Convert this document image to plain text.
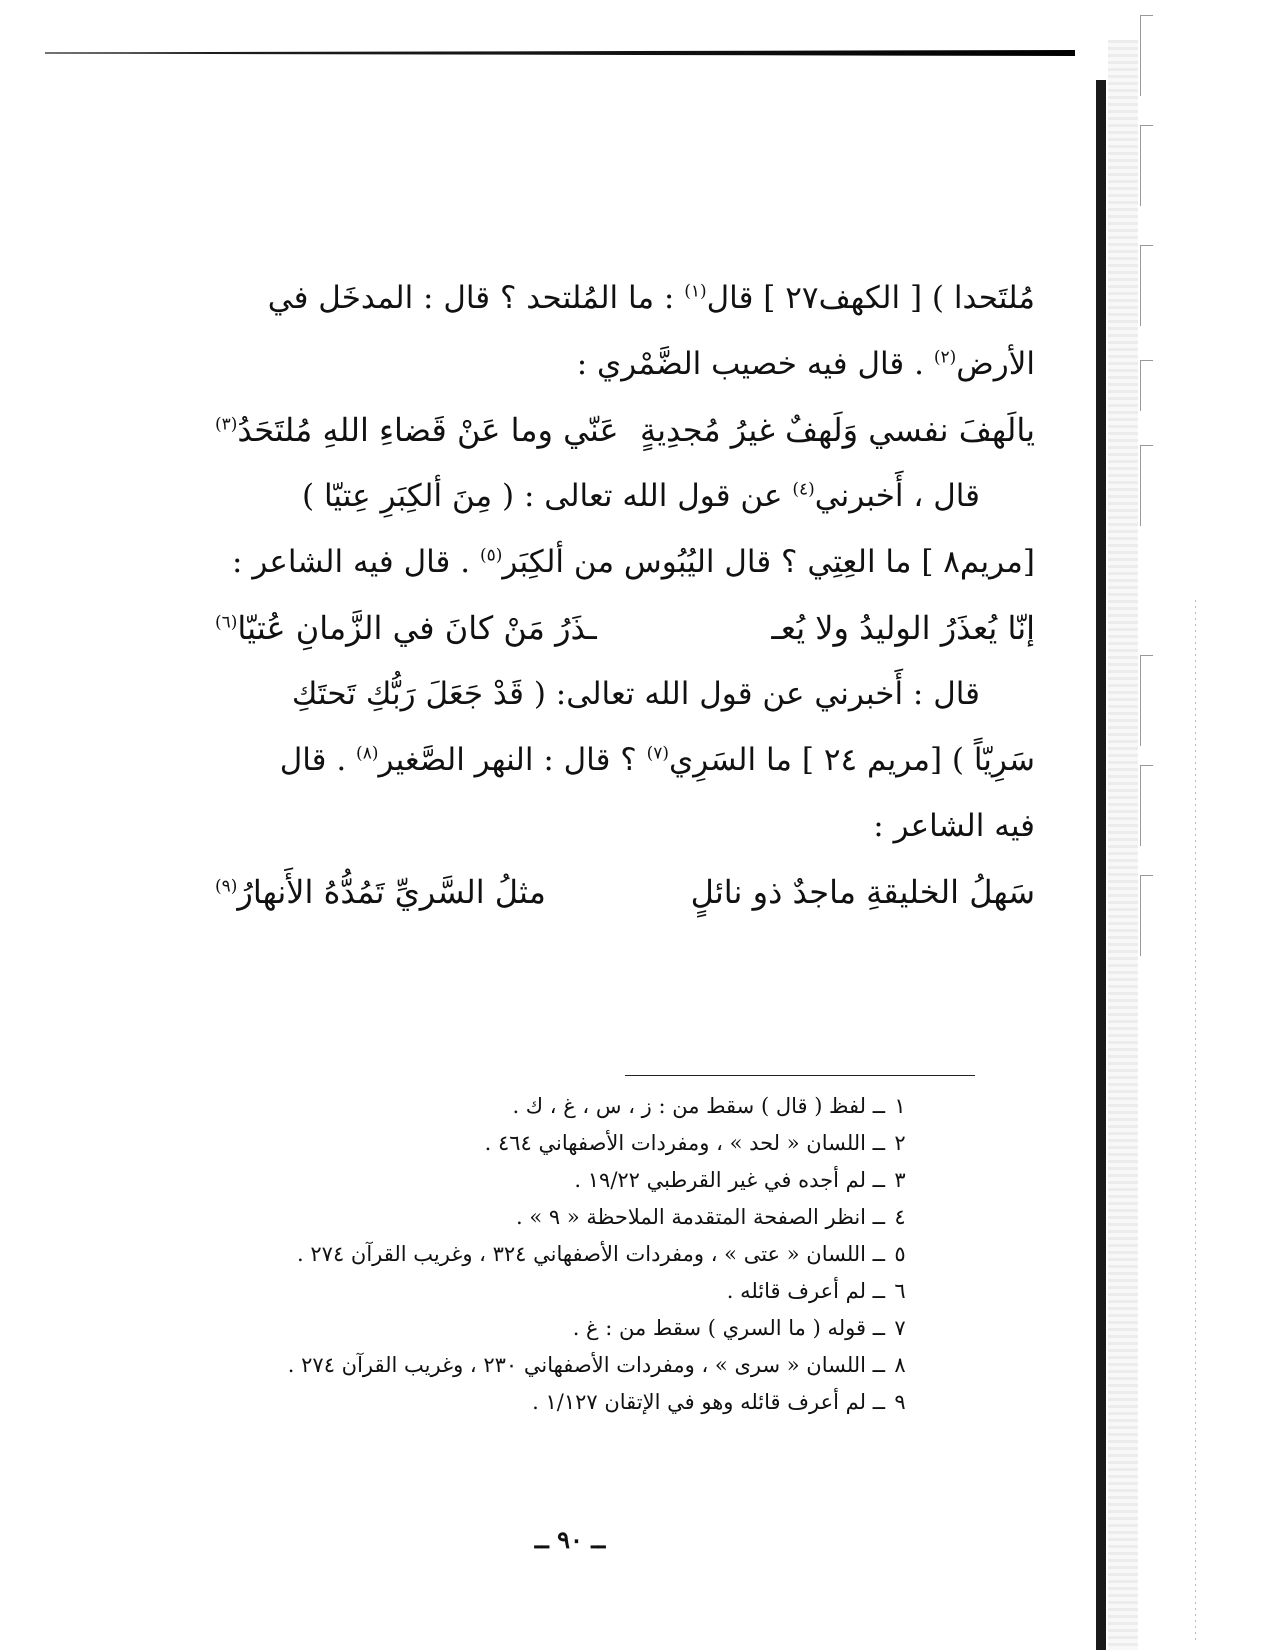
مُلتَحدا ) [ الكهف٢٧ ] قال$^{(١)}$ : ما المُلتحد ؟ قال : المدخَل في
الأرض$^{(٢)}$ . قال فيه خصيب الضَّمْري :
يالَهفَ نفسي وَلَهفٌ غيرُ مُجدِيةٍ
عَنّي وما عَنْ قَضاءِ اللهِ مُلتَحَدُ$^{(٣)}$
قال ، أَخبرني$^{(٤)}$ عن قول الله تعالى : ( مِنَ ألكِبَرِ عِتيّا )
[مريم٨ ] ما العِتِي ؟ قال اليُبُوس من ألكِبَر$^{(٥)}$ . قال فيه الشاعر :
إنّا يُعذَرُ الوليدُ ولا يُعـ
ـذَرُ مَنْ كانَ في الزَّمانِ عُتيّا$^{(٦)}$
قال : أَخبرني عن قول الله تعالى: ( قَدْ جَعَلَ رَبُّكِ تَحتَكِ
سَرِيّاً ) [مريم ٢٤ ] ما السَرِي$^{(٧)}$ ؟ قال : النهر الصَّغير$^{(٨)}$ . قال
فيه الشاعر :
سَهلُ الخليقةِ ماجدٌ ذو نائلٍ
مثلُ السَّريِّ تَمُدُّهُ الأَنهارُ$^{(٩)}$
١ــ لفظ ( قال ) سقط من : ز ، س ، غ ، ك .
٢ــ اللسان « لحد » ، ومفردات الأصفهاني ٤٦٤ .
٣ــ لم أجده في غير القرطبي ١٩/٢٢ .
٤ــ انظر الصفحة المتقدمة الملاحظة « ٩ » .
٥ــ اللسان « عتى » ، ومفردات الأصفهاني ٣٢٤ ، وغريب القرآن ٢٧٤ .
٦ــ لم أعرف قائله .
٧ــ قوله ( ما السري ) سقط من : غ .
٨ــ اللسان « سرى » ، ومفردات الأصفهاني ٢٣٠ ، وغريب القرآن ٢٧٤ .
٩ــ لم أعرف قائله وهو في الإتقان ١/١٢٧ .
ــ ٩٠ ــ
